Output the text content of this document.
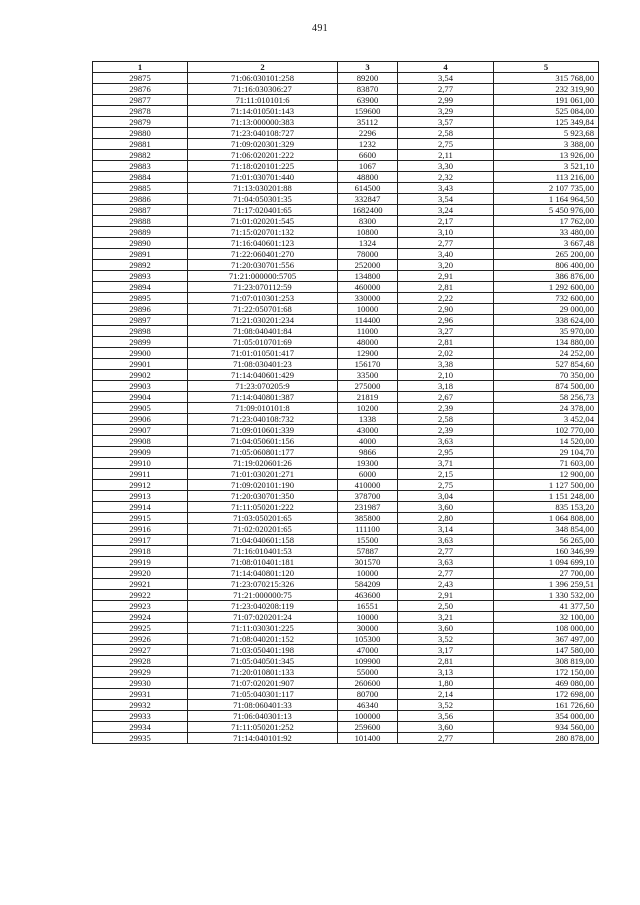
491
1	2	3	4	5
29875	71:06:030101:258	89200	3,54	315 768,00
29876	71:16:030306:27	83870	2,77	232 319,90
29877	71:11:010101:6	63900	2,99	191 061,00
29878	71:14:010501:143	159600	3,29	525 084,00
29879	71:13:000000:383	35112	3,57	125 349,84
29880	71:23:040108:727	2296	2,58	5 923,68
29881	71:09:020301:329	1232	2,75	3 388,00
29882	71:06:020201:222	6600	2,11	13 926,00
29883	71:18:020101:225	1067	3,30	3 521,10
29884	71:01:030701:440	48800	2,32	113 216,00
29885	71:13:030201:88	614500	3,43	2 107 735,00
29886	71:04:050301:35	332847	3,54	1 164 964,50
29887	71:17:020401:65	1682400	3,24	5 450 976,00
29888	71:01:020201:545	8300	2,17	17 762,00
29889	71:15:020701:132	10800	3,10	33 480,00
29890	71:16:040601:123	1324	2,77	3 667,48
29891	71:22:060401:270	78000	3,40	265 200,00
29892	71:20:030701:556	252000	3,20	806 400,00
29893	71:21:000000:5705	134800	2,91	386 876,00
29894	71:23:070112:59	460000	2,81	1 292 600,00
29895	71:07:010301:253	330000	2,22	732 600,00
29896	71:22:050701:68	10000	2,90	29 000,00
29897	71:21:030201:234	114400	2,96	338 624,00
29898	71:08:040401:84	11000	3,27	35 970,00
29899	71:05:010701:69	48000	2,81	134 880,00
29900	71:01:010501:417	12900	2,02	24 252,00
29901	71:08:030401:23	156170	3,38	527 854,60
29902	71:14:040601:429	33500	2,10	70 350,00
29903	71:23:070205:9	275000	3,18	874 500,00
29904	71:14:040801:387	21819	2,67	58 256,73
29905	71:09:010101:8	10200	2,39	24 378,00
29906	71:23:040108:732	1338	2,58	3 452,04
29907	71:09:010601:339	43000	2,39	102 770,00
29908	71:04:050601:156	4000	3,63	14 520,00
29909	71:05:060801:177	9866	2,95	29 104,70
29910	71:19:020601:26	19300	3,71	71 603,00
29911	71:01:030201:271	6000	2,15	12 900,00
29912	71:09:020101:190	410000	2,75	1 127 500,00
29913	71:20:030701:350	378700	3,04	1 151 248,00
29914	71:11:050201:222	231987	3,60	835 153,20
29915	71:03:050201:65	385800	2,80	1 064 808,00
29916	71:02:020201:65	111100	3,14	348 854,00
29917	71:04:040601:158	15500	3,63	56 265,00
29918	71:16:010401:53	57887	2,77	160 346,99
29919	71:08:010401:181	301570	3,63	1 094 699,10
29920	71:14:040801:120	10000	2,77	27 700,00
29921	71:23:070215:326	584209	2,43	1 396 259,51
29922	71:21:000000:75	463600	2,91	1 330 532,00
29923	71:23:040208:119	16551	2,50	41 377,50
29924	71:07:020201:24	10000	3,21	32 100,00
29925	71:11:030301:225	30000	3,60	108 000,00
29926	71:08:040201:152	105300	3,52	367 497,00
29927	71:03:050401:198	47000	3,17	147 580,00
29928	71:05:040501:345	109900	2,81	308 819,00
29929	71:20:010801:133	55000	3,13	172 150,00
29930	71:07:020201:907	260600	1,80	469 080,00
29931	71:05:040301:117	80700	2,14	172 698,00
29932	71:08:060401:33	46340	3,52	161 726,60
29933	71:06:040301:13	100000	3,56	354 000,00
29934	71:11:050201:252	259600	3,60	934 560,00
29935	71:14:040101:92	101400	2,77	280 878,00
